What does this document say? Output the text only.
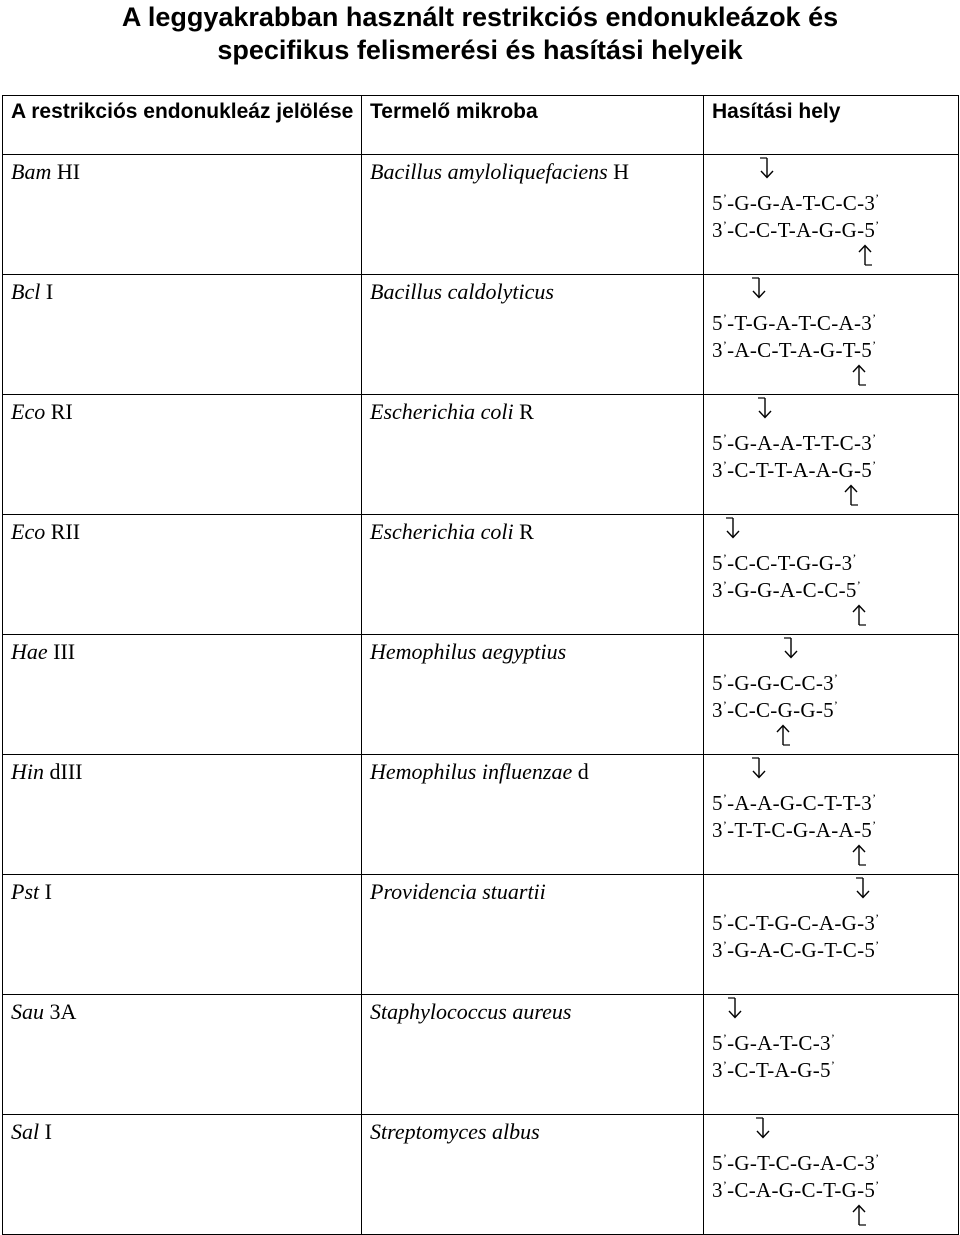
A leggyakrabban használt restrikciós endonukleázok és
specifikus felismerési és hasítási helyeik
A restrikciós endonukleáz jelölése	Termelő mikroba	Hasítási hely
Bam HI	Bacillus amyloliquefaciens H	5’-G-G-A-T-C-C-3’
3’-C-C-T-A-G-G-5’

Bcl I	Bacillus caldolyticus	5’-T-G-A-T-C-A-3’
3’-A-C-T-A-G-T-5’

Eco RI	Escherichia coli R	5’-G-A-A-T-T-C-3’
3’-C-T-T-A-A-G-5’

Eco RII	Escherichia coli R	5’-C-C-T-G-G-3’
3’-G-G-A-C-C-5’

Hae III	Hemophilus aegyptius	5’-G-G-C-C-3’
3’-C-C-G-G-5’

Hin dIII	Hemophilus influenzae d	5’-A-A-G-C-T-T-3’
3’-T-T-C-G-A-A-5’

Pst I	Providencia stuartii	5’-C-T-G-C-A-G-3’
3’-G-A-C-G-T-C-5’

Sau 3A	Staphylococcus aureus	5’-G-A-T-C-3’
3’-C-T-A-G-5’

Sal I	Streptomyces albus	5’-G-T-C-G-A-C-3’
3’-C-A-G-C-T-G-5’
